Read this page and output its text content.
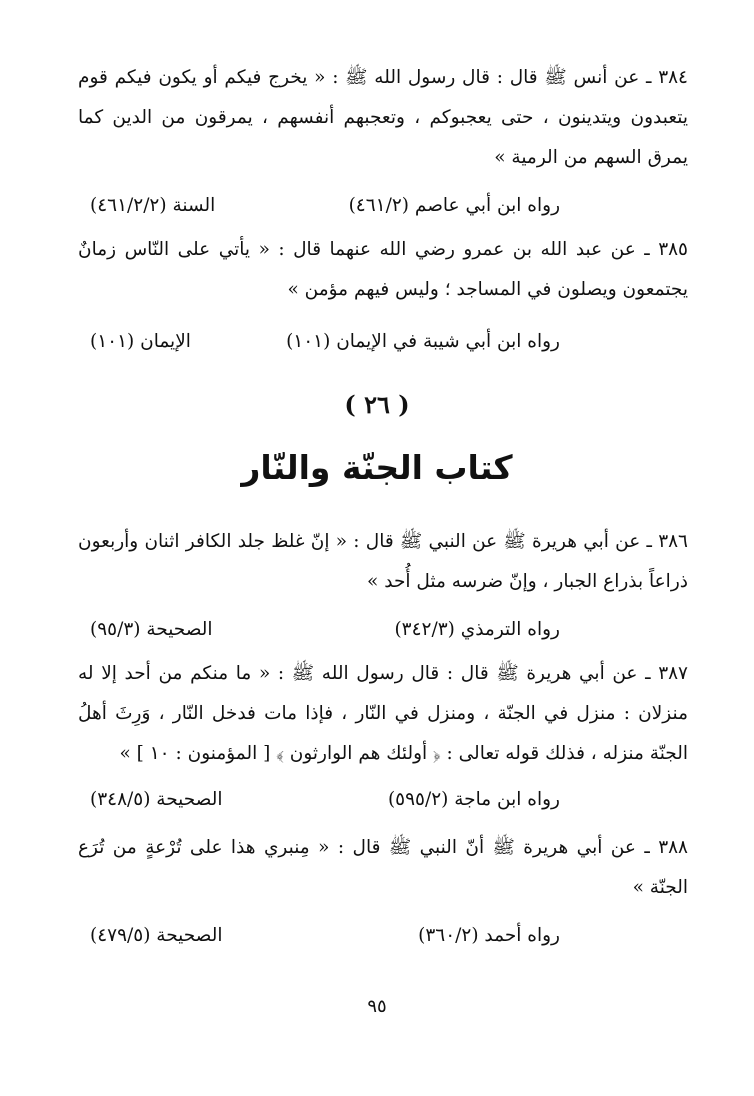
٣٨٤ ـ عن أنس ﷺ قال : قال رسول الله ﷺ : « يخرج فيكم أو يكون فيكم قوم يتعبدون ويتدينون ، حتى يعجبوكم ، وتعجبهم أنفسهم ، يمرقون من الدين كما يمرق السهم من الرمية »
رواه ابن أبي عاصم (٤٦١/٢)
السنة (٤٦١/٢/٢)
٣٨٥ ـ عن عبد الله بن عمرو رضي الله عنهما قال : « يأتي على النّاس زمانٌ يجتمعون ويصلون في المساجد ؛ وليس فيهم مؤمن »
رواه ابن أبي شيبة في الإيمان (١٠١)
الإيمان (١٠١)
( ٢٦ )
كتاب الجنّة والنّار
٣٨٦ ـ عن أبي هريرة ﷺ عن النبي ﷺ قال : « إنّ غلظ جلد الكافر اثنان وأربعون ذراعاً بذراع الجبار ، وإنّ ضرسه مثل أُحد »
رواه الترمذي (٣٤٢/٣)
الصحيحة (٩٥/٣)
٣٨٧ ـ عن أبي هريرة ﷺ قال : قال رسول الله ﷺ : « ما منكم من أحد إلا له منزلان : منزل في الجنّة ، ومنزل في النّار ، فإذا مات فدخل النّار ، وَرِثَ أهلُ الجنّة منزله ، فذلك قوله تعالى : ﴿ أولئك هم الوارثون ﴾ [ المؤمنون : ١٠ ] »
رواه ابن ماجة (٥٩٥/٢)
الصحيحة (٣٤٨/٥)
٣٨٨ ـ عن أبي هريرة ﷺ أنّ النبي ﷺ قال : « مِنبري هذا على تُرْعةٍ من تُرَع الجنّة »
رواه أحمد (٣٦٠/٢)
الصحيحة (٤٧٩/٥)
٩٥
